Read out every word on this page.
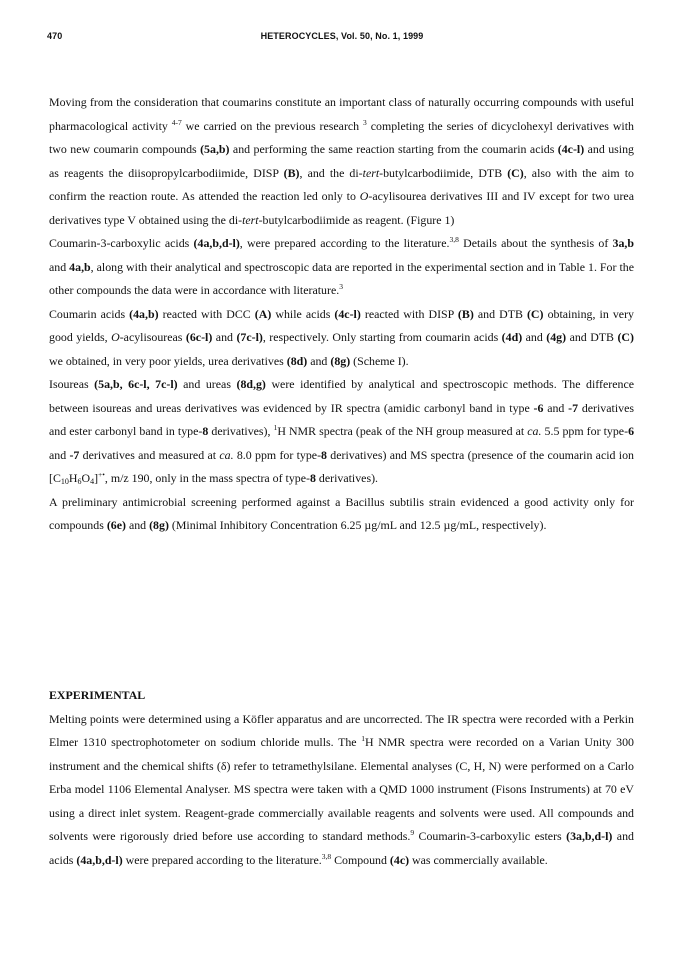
470	HETEROCYCLES, Vol. 50, No. 1, 1999

Moving from the consideration that coumarins constitute an important class of naturally occurring compounds with useful pharmacological activity $^{4-7}$ we carried on the previous research $^3$ completing the series of dicyclohexyl derivatives with two new coumarin compounds (5a,b) and performing the same reaction starting from the coumarin acids (4c-l) and using as reagents the diisopropylcarbodiimide, DISP (B), and the di-tert-butylcarbodiimide, DTB (C), also with the aim to confirm the reaction route. As attended the reaction led only to O-acylisourea derivatives III and IV except for two urea derivatives type V obtained using the di-tert-butylcarbodiimide as reagent. (Figure 1)

Coumarin-3-carboxylic acids (4a,b,d-l), were prepared according to the literature.$^{3,8}$ Details about the synthesis of 3a,b and 4a,b, along with their analytical and spectroscopic data are reported in the experimental section and in Table 1. For the other compounds the data were in accordance with literature.$^3$

Coumarin acids (4a,b) reacted with DCC (A) while acids (4c-l) reacted with DISP (B) and DTB (C) obtaining, in very good yields, O-acylisoureas (6c-l) and (7c-l), respectively. Only starting from coumarin acids (4d) and (4g) and DTB (C) we obtained, in very poor yields, urea derivatives (8d) and (8g) (Scheme I).

Isoureas (5a,b, 6c-l, 7c-l) and ureas (8d,g) were identified by analytical and spectroscopic methods. The difference between isoureas and ureas derivatives was evidenced by IR spectra (amidic carbonyl band in type -6 and -7 derivatives and ester carbonyl band in type-8 derivatives), $^1$H NMR spectra (peak of the NH group measured at ca. 5.5 ppm for type-6 and -7 derivatives and measured at ca. 8.0 ppm for type-8 derivatives) and MS spectra (presence of the coumarin acid ion $[C_{10}H_6O_4]^{+•}$, m/z 190, only in the mass spectra of type-8 derivatives).

A preliminary antimicrobial screening performed against a Bacillus subtilis strain evidenced a good activity only for compounds (6e) and (8g) (Minimal Inhibitory Concentration 6.25 µg/mL and 12.5 µg/mL, respectively).

EXPERIMENTAL

Melting points were determined using a Köfler apparatus and are uncorrected. The IR spectra were recorded with a Perkin Elmer 1310 spectrophotometer on sodium chloride mulls. The $^1$H NMR spectra were recorded on a Varian Unity 300 instrument and the chemical shifts (δ) refer to tetramethylsilane. Elemental analyses (C, H, N) were performed on a Carlo Erba model 1106 Elemental Analyser. MS spectra were taken with a QMD 1000 instrument (Fisons Instruments) at 70 eV using a direct inlet system. Reagent-grade commercially available reagents and solvents were used. All compounds and solvents were rigorously dried before use according to standard methods.$^9$ Coumarin-3-carboxylic esters (3a,b,d-l) and acids (4a,b,d-l) were prepared according to the literature.$^{3,8}$ Compound (4c) was commercially available.
